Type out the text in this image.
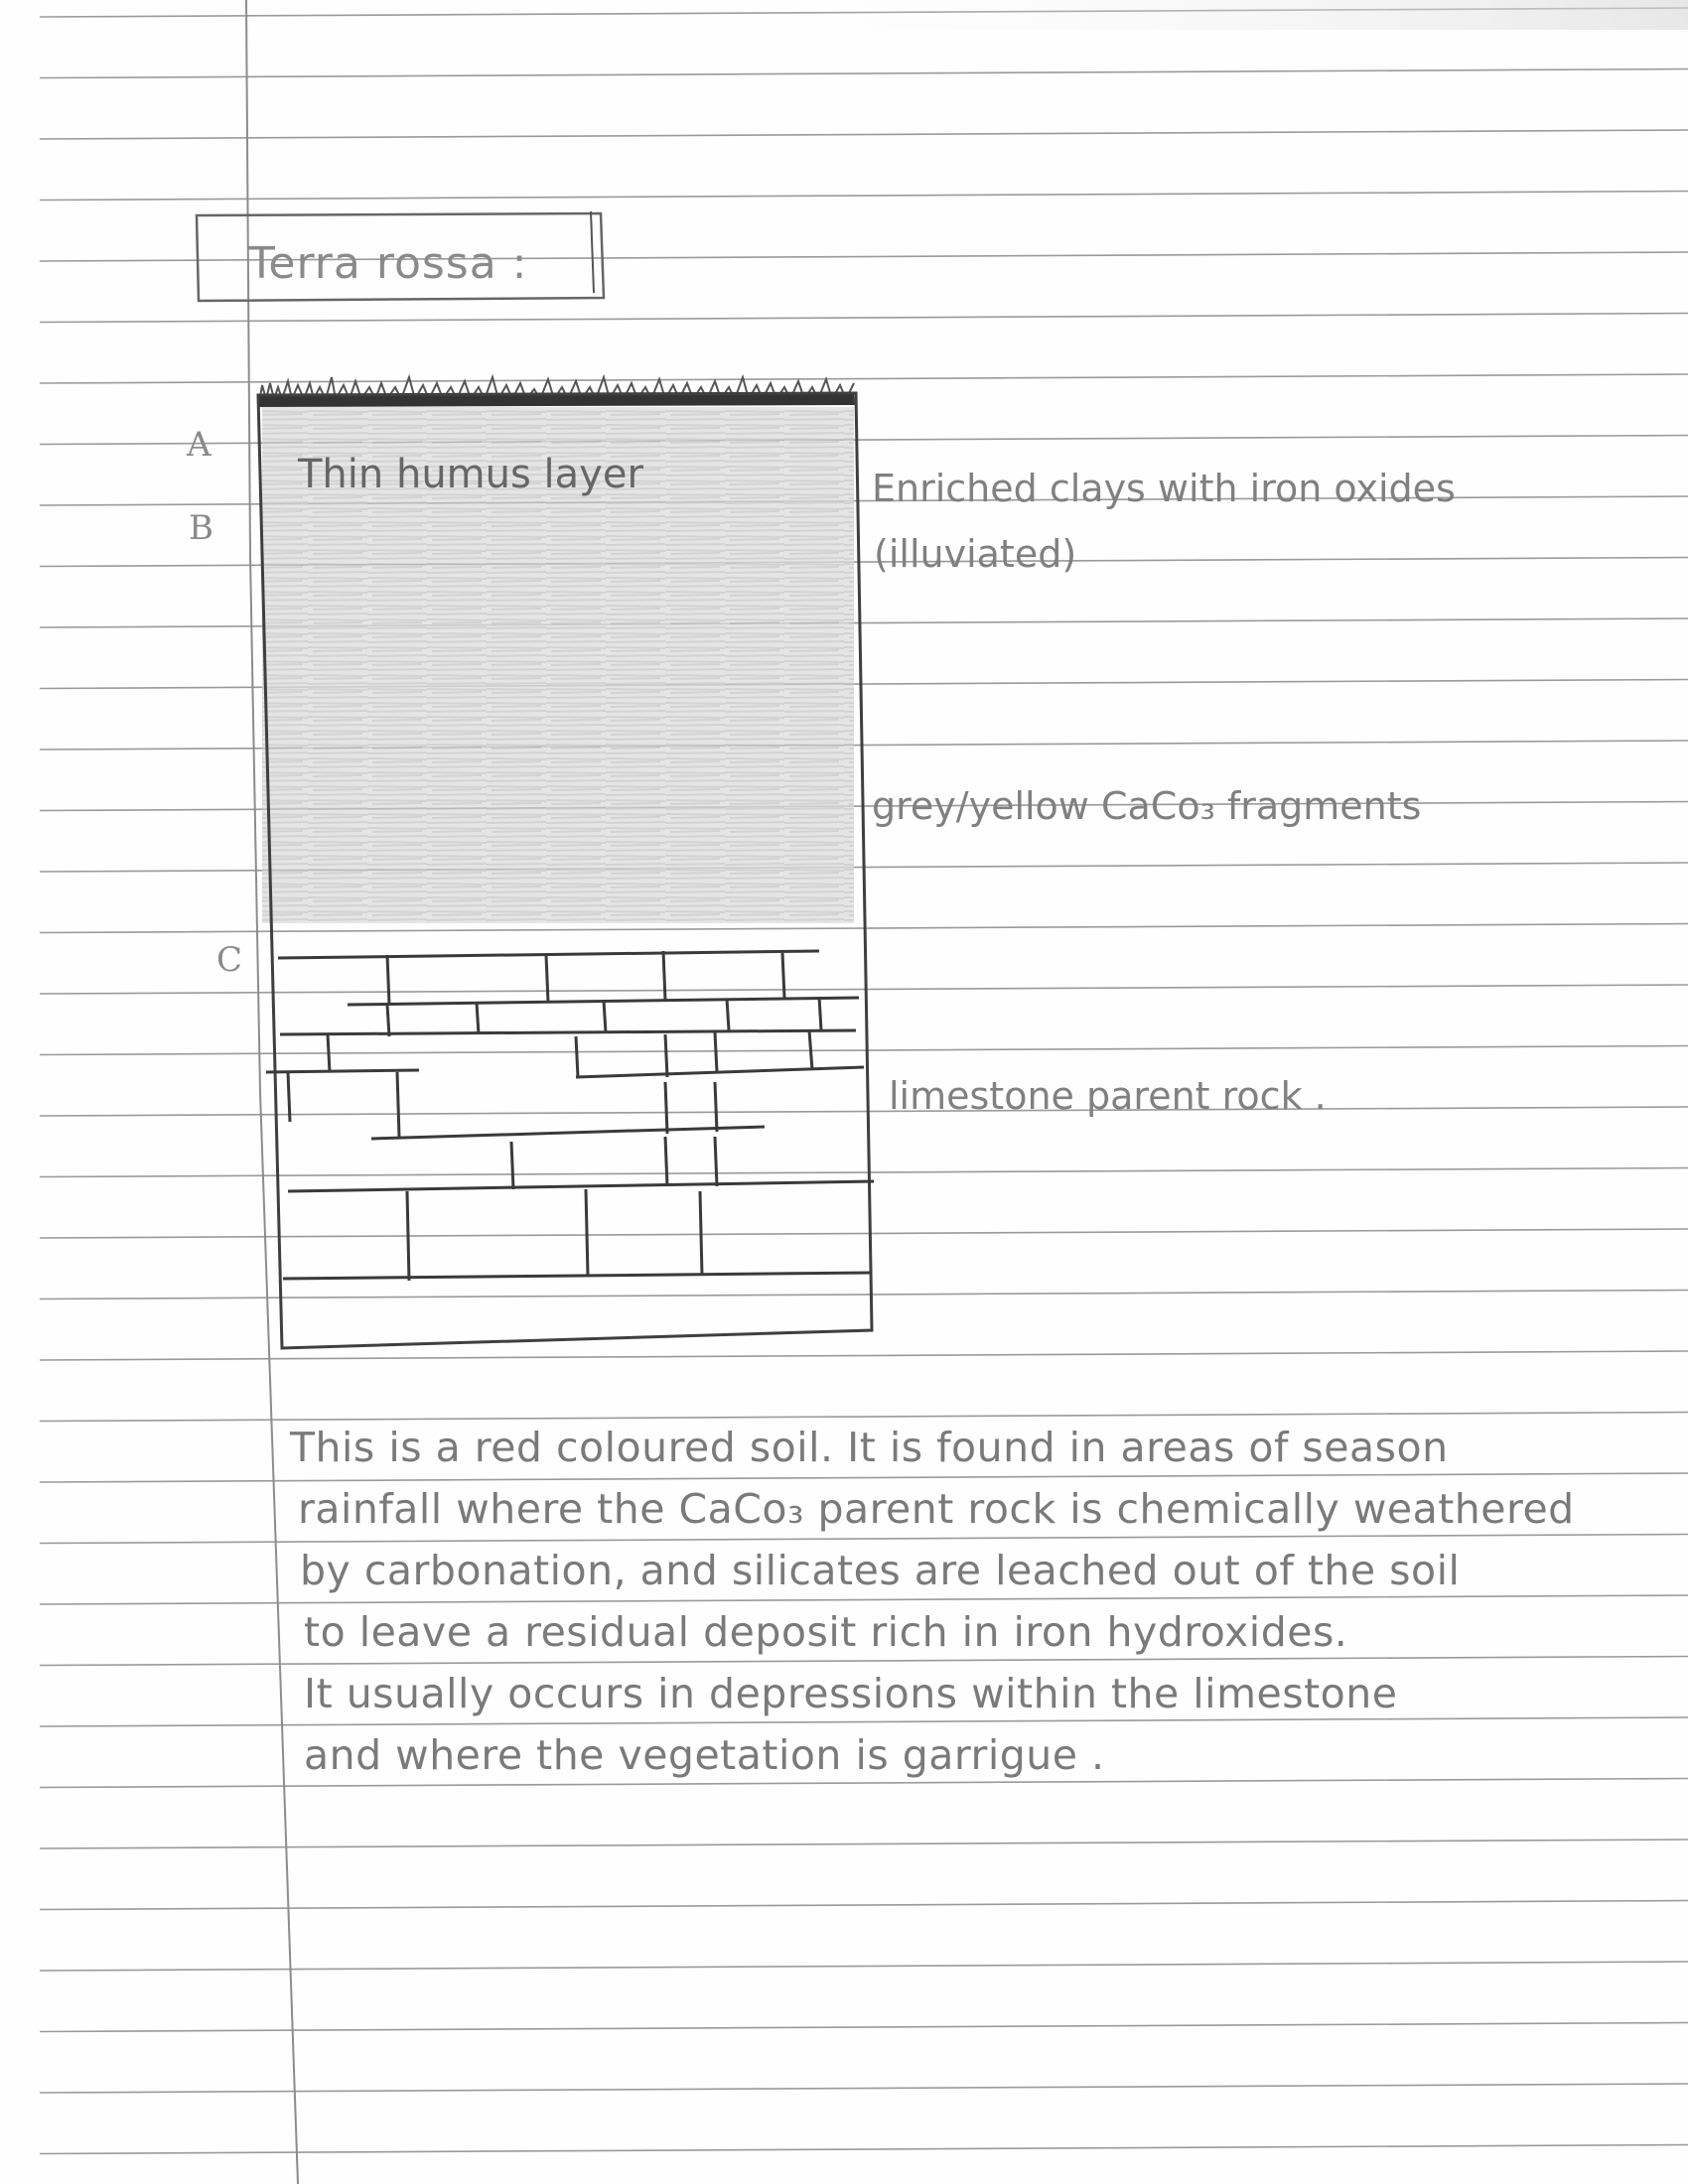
Terra rossa :
A
B
C
Thin humus layer	Enriched clays with iron oxides
(illuviated)
grey/yellow CaCo₃ fragments
limestone parent rock .
This is a red coloured soil. It is found in areas of season
rainfall where the CaCo₃ parent rock is chemically weathered
by carbonation, and silicates are leached out of the soil
to leave a residual deposit rich in iron hydroxides.
It usually occurs in depressions within the limestone
and where the vegetation is garrigue .
